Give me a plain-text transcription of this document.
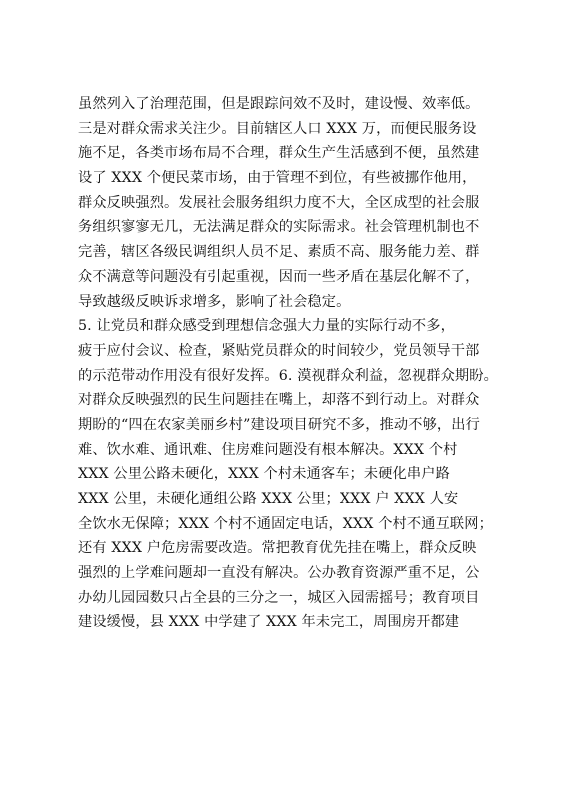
虽然列入了治理范围，但是跟踪问效不及时，建设慢、效率低。
三是对群众需求关注少。目前辖区人口 XXX 万，而便民服务设
施不足，各类市场布局不合理，群众生产生活感到不便，虽然建
设了 XXX 个便民菜市场，由于管理不到位，有些被挪作他用，
群众反映强烈。发展社会服务组织力度不大，全区成型的社会服
务组织寥寥无几，无法满足群众的实际需求。社会管理机制也不
完善，辖区各级民调组织人员不足、素质不高、服务能力差、群
众不满意等问题没有引起重视，因而一些矛盾在基层化解不了，
导致越级反映诉求增多，影响了社会稳定。
5. 让党员和群众感受到理想信念强大力量的实际行动不多，
疲于应付会议、检查，紧贴党员群众的时间较少，党员领导干部
的示范带动作用没有很好发挥。6. 漠视群众利益，忽视群众期盼。
对群众反映强烈的民生问题挂在嘴上，却落不到行动上。对群众
期盼的“四在农家美丽乡村”建设项目研究不多，推动不够，出行
难、饮水难、通讯难、住房难问题没有根本解决。XXX 个村
XXX 公里公路未硬化，XXX 个村未通客车；未硬化串户路
XXX 公里，未硬化通组公路 XXX 公里；XXX 户 XXX 人安
全饮水无保障；XXX 个村不通固定电话，XXX 个村不通互联网；
还有 XXX 户危房需要改造。常把教育优先挂在嘴上，群众反映
强烈的上学难问题却一直没有解决。公办教育资源严重不足，公
办幼儿园园数只占全县的三分之一，城区入园需摇号；教育项目
建设缓慢，县 XXX 中学建了 XXX 年未完工，周围房开都建
